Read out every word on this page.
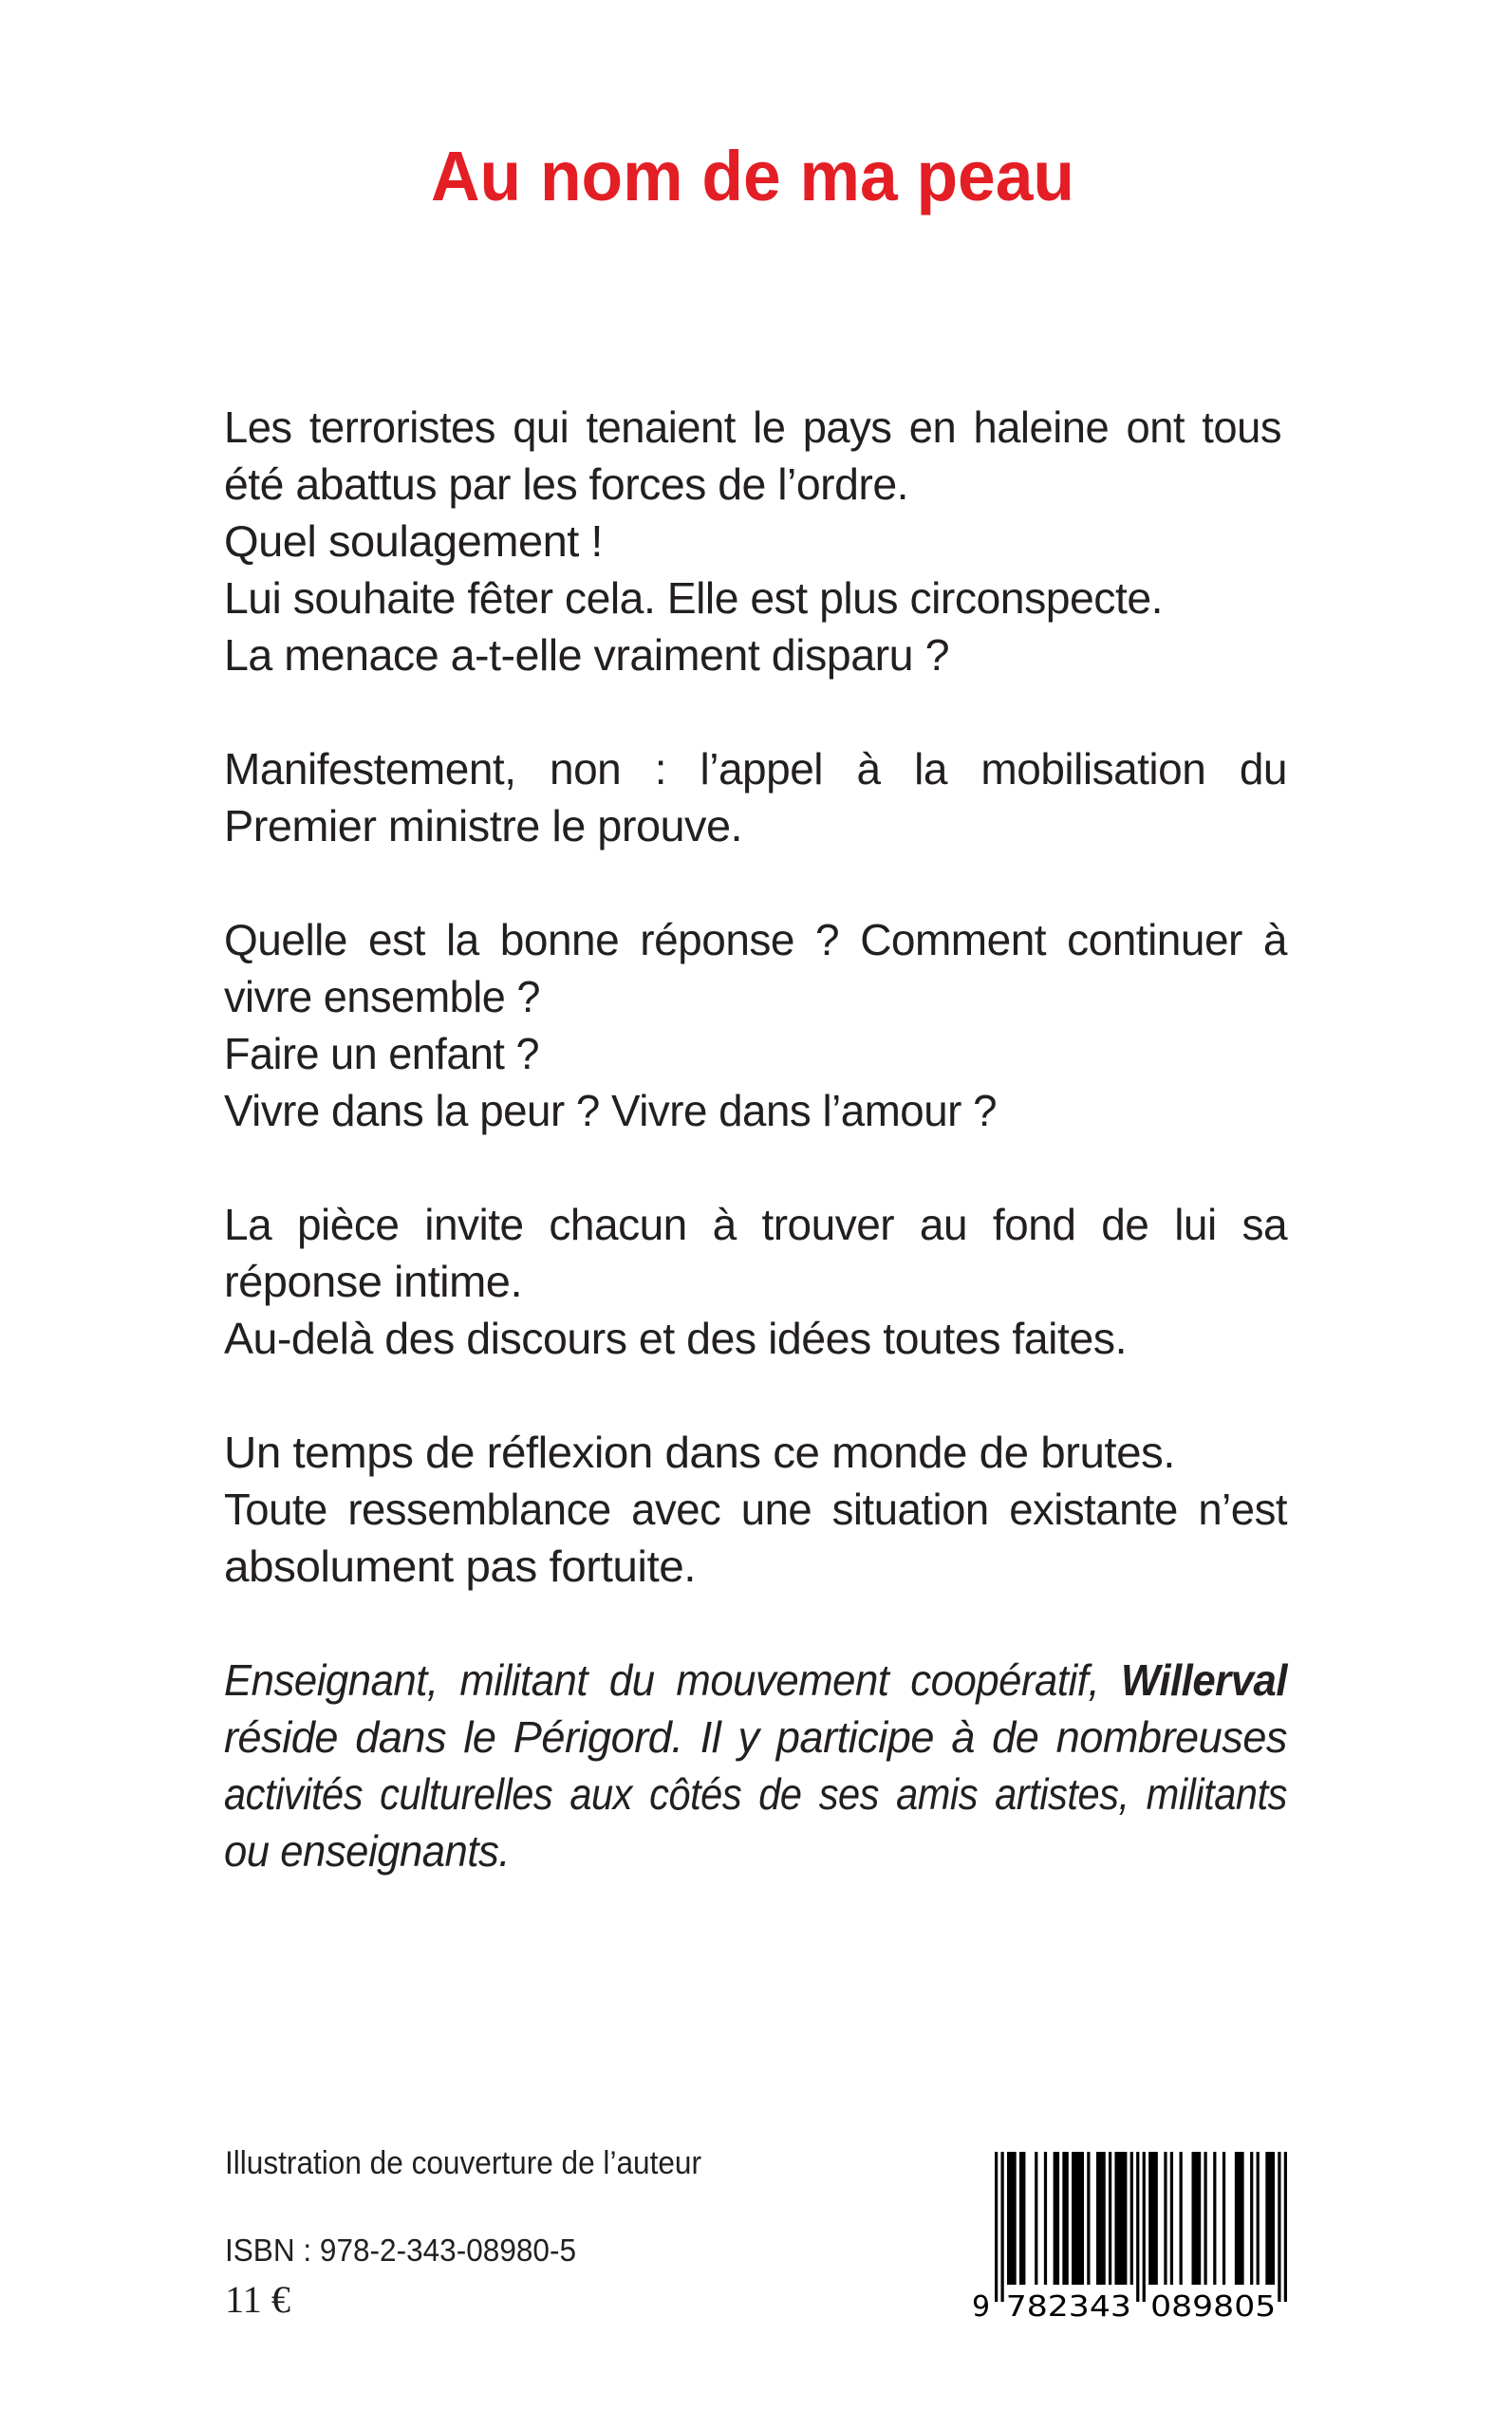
Au nom de ma peau
Les terroristes qui tenaient le pays en haleine ont tous
été abattus par les forces de l’ordre.
Quel soulagement !
Lui souhaite fêter cela. Elle est plus circonspecte.
La menace a-t-elle vraiment disparu ?
Manifestement, non : l’appel à la mobilisation du
Premier ministre le prouve.
Quelle est la bonne réponse ? Comment continuer à
vivre ensemble ?
Faire un enfant ?
Vivre dans la peur ? Vivre dans l’amour ?
La pièce invite chacun à trouver au fond de lui sa
réponse intime.
Au-delà des discours et des idées toutes faites.
Un temps de réflexion dans ce monde de brutes.
Toute ressemblance avec une situation existante n’est
absolument pas fortuite.
Enseignant, militant du mouvement coopératif, Willerval
réside dans le Périgord. Il y participe à de nombreuses
activités culturelles aux côtés de ses amis artistes, militants
ou enseignants.
Illustration de couverture de l’auteur
ISBN : 978-2-343-08980-5
11 €	9 782343 089805
